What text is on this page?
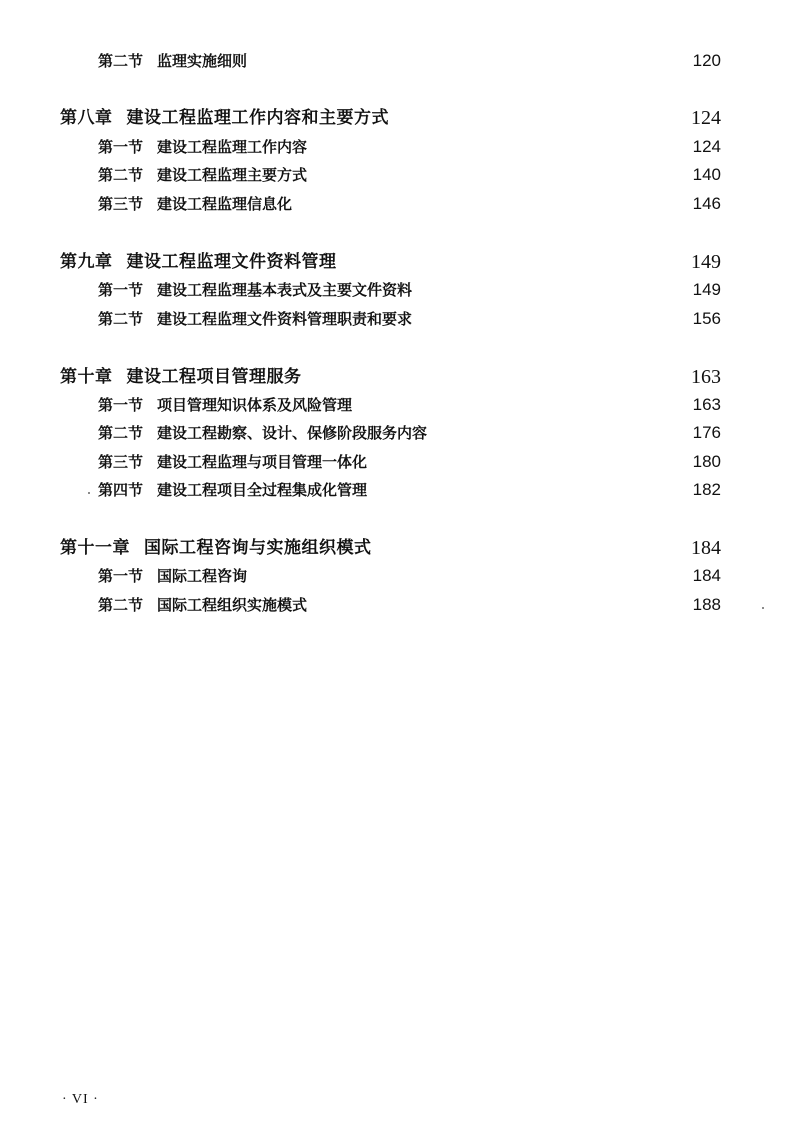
第二节 监理实施细则	120
第八章 建设工程监理工作内容和主要方式	124
第一节 建设工程监理工作内容	124
第二节 建设工程监理主要方式	140
第三节 建设工程监理信息化	146
第九章 建设工程监理文件资料管理	149
第一节 建设工程监理基本表式及主要文件资料	149
第二节 建设工程监理文件资料管理职责和要求	156
第十章 建设工程项目管理服务	163
第一节 项目管理知识体系及风险管理	163
第二节 建设工程勘察、设计、保修阶段服务内容	176
第三节 建设工程监理与项目管理一体化	180
第四节 建设工程项目全过程集成化管理	182
第十一章 国际工程咨询与实施组织模式	184
第一节 国际工程咨询	184
第二节 国际工程组织实施模式	188
· VI ·
